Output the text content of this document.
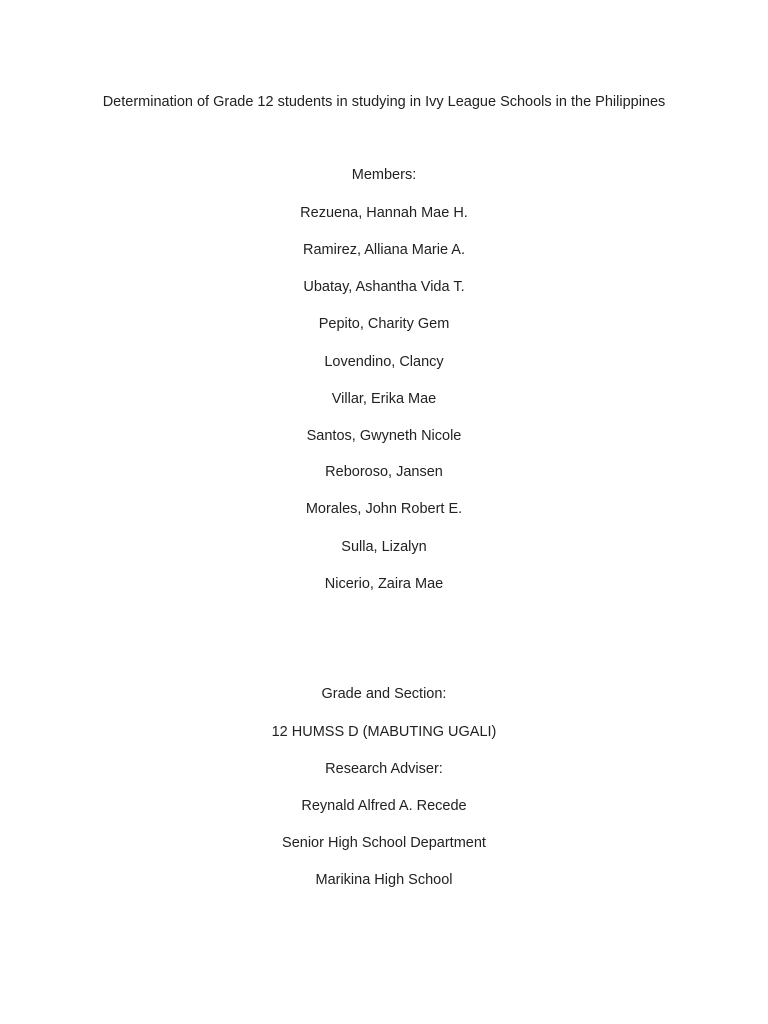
Determination of Grade 12 students in studying in Ivy League Schools in the Philippines
Members:
Rezuena, Hannah Mae H.
Ramirez, Alliana Marie A.
Ubatay, Ashantha Vida T.
Pepito, Charity Gem
Lovendino, Clancy
Villar, Erika Mae
Santos, Gwyneth Nicole
Reboroso, Jansen
Morales, John Robert E.
Sulla, Lizalyn
Nicerio, Zaira Mae
Grade and Section:
12 HUMSS D (MABUTING UGALI)
Research Adviser:
Reynald Alfred A. Recede
Senior High School Department
Marikina High School
